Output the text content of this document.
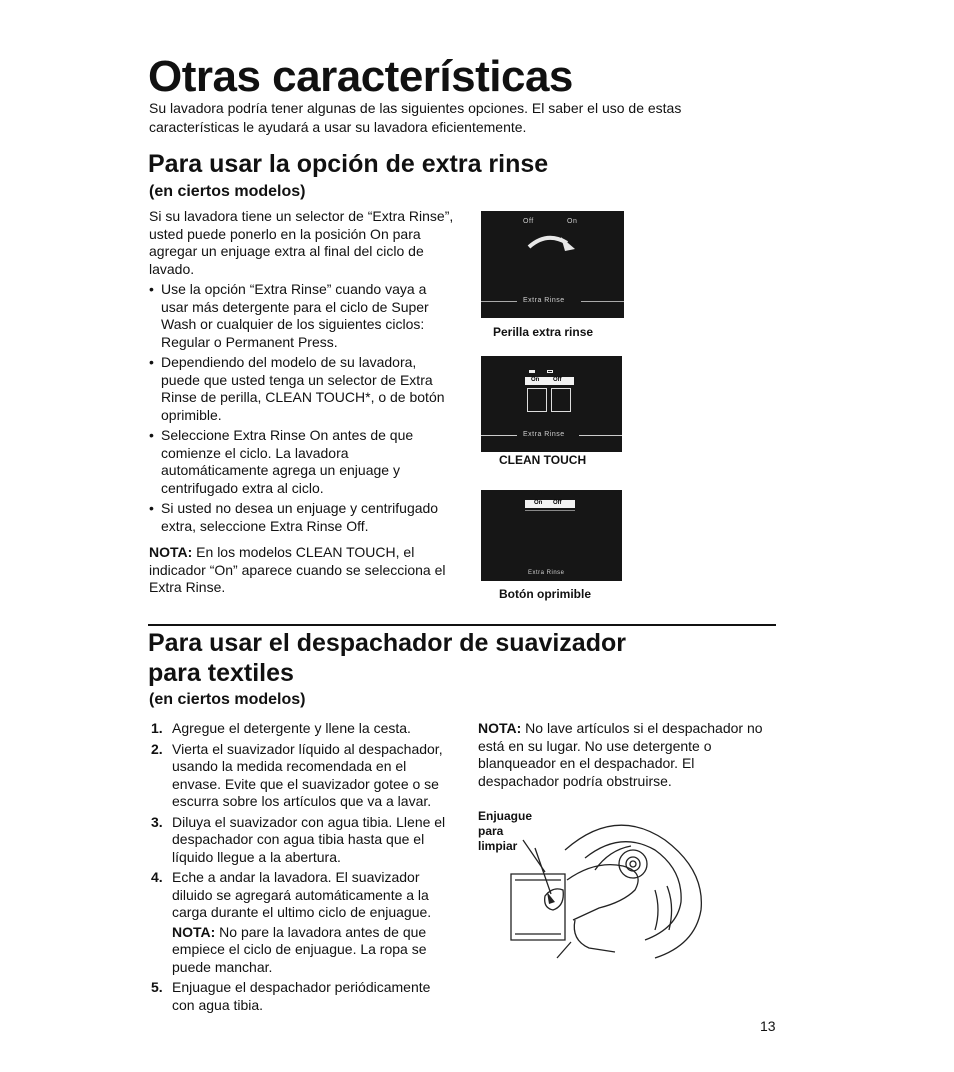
Otras características
Su lavadora podría tener algunas de las siguientes opciones. El saber el uso de estas características le ayudará a usar su lavadora eficientemente.
Para usar la opción de extra rinse
(en ciertos modelos)
Si su lavadora tiene un selector de “Extra Rinse”, usted puede ponerlo en la posición On para agregar un enjuage extra al final del ciclo de lavado.
• Use la opción “Extra Rinse” cuando vaya a usar más detergente para el ciclo de Super Wash or cualquier de los siguientes ciclos: Regular o Permanent Press.
• Dependiendo del modelo de su lavadora, puede que usted tenga un selector de Extra Rinse de perilla, CLEAN TOUCH*, o de botón oprimible.
• Seleccione Extra Rinse On antes de que comienze el ciclo. La lavadora automáticamente agrega un enjuage y centrifugado extra al ciclo.
• Si usted no desea un enjuage y centrifugado extra, seleccione Extra Rinse Off.
NOTA: En los modelos CLEAN TOUCH, el indicador “On” aparece cuando se selecciona el Extra Rinse.
Off	On
Extra Rinse
Perilla extra rinse
On Off
Extra Rinse
CLEAN TOUCH
On Off
Extra Rinse
Botón oprimible
Para usar el despachador de suavizador
para textiles
(en ciertos modelos)
1. Agregue el detergente y llene la cesta.
2. Vierta el suavizador líquido al despachador, usando la medida recomendada en el envase. Evite que el suavizador gotee o se escurra sobre los artículos que va a lavar.
3. Diluya el suavizador con agua tibia. Llene el despachador con agua tibia hasta que el líquido llegue a la abertura.
4. Eche a andar la lavadora. El suavizador diluido se agregará automáticamente a la carga durante el ultimo ciclo de enjuague.
NOTA: No pare la lavadora antes de que empiece el ciclo de enjuague. La ropa se puede manchar.
5. Enjuague el despachador periódicamente con agua tibia.
NOTA: No lave artículos si el despachador no está en su lugar. No use detergente o blanqueador en el despachador. El despachador podría obstruirse.
Enjuague
para
limpiar
13
